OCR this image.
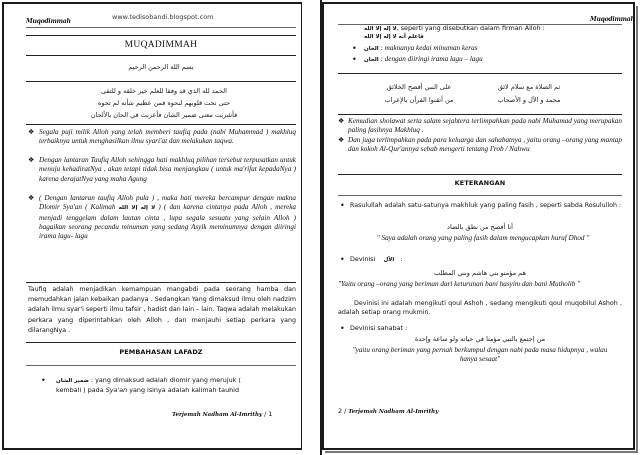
Muqodimmah
www.tedisobandi.blogspot.com
MUQADIMMAH
بسم الله الرحمن الرحيم
الحمد لله الذي قد وفقا للعلم خير خلقه و للتقى
حتى نحت قلوبهم لنحوه فمن عظيم شأنه لم تحوه
فأشربت معنى ضمير الشان فأعربت في الحان بالألحان
❖ Segala puji milik Alloh yang telah memberi taufiq pada (nabi Muhammad ) makhluq terbaiknya untuk menghasilkan ilmu syari'at dan melakukan taqwa.
❖ Dengan lantaran Taufiq Alloh sehingga hati makhluq pilihan tersebut terpusatkan untuk menuju kehadiratNya , akan tetapi tidak bisa menjangkau ( untuk ma'rifat kepadaNya ) karena derajatNya yang maha Agung
❖ ( Dengan lantaran taufiq Alloh pula ) , maka hati mereka bercampur dengan makna Dlomir Sya'an ( Kalimah لا إله إلا الله ) ( dan karena cintanya pada Alloh , mereka menjadi tenggelam dalam lautan cinta , lupa segala sesuatu yang selain Alloh ) bagaikan seorang pecandu minuman yang sedang Asyik meminumnya dengan diiringi irama lagu- lagu
Taufiq adalah menjadikan kemampuan mangabdi pada seorang hamba dan memudahkan jalan kebaikan padanya . Sedangkan Yang dimaksud ilmu oleh nadzim adalah ilmu syar'i seperti ilmu tafsir , hadist dan lain – lain. Taqwa adalah melakukan perkara yang diperintahkan oleh Alloh , dan menjauhi setiap perkara yang dilarangNya .
PEMBAHASAN LAFADZ
• ضمير الشان : yang dimaksud adalah dlomir yang merujuk (
kembali ) pada Sya'an yang isinya adalah kalimah tauhid
Terjemah Nadham Al-Imrithy / 1
Muqodimmah
لا إله إلا الله, seperti yang disebutkan dalam firman Alloh :
فاعلم أنه لا إله إلا الله
• الخان : maknanya kedai minuman keras
• الحان : dengan diiringi irama lagu – lagu
ثم الصلاة مع سلام لائق
على النبي أفصح الخلائق
محمد و الآل و الأصحاب
من أتقنوا القرآن بالإعراب
❖ Kemudian sholawat serta salam sejahtera terlimpahkan pada nabi Muhamad yang merupakan paling fasihnya Makhluq .
❖ Dan juga terlimpahkan pada para keluarga dan sahabatnya , yaitu orang –orang yang mantap dan kokoh Al-Qur'annya sebab mengerti tentang I'rob / Nahwu
KETERANGAN
• Rasulullah adalah satu-satunya makhluk yang paling fasih , seperti sabda Rosululloh :
أنا أفصح من نطق بالضاد
" Saya adalah orang yang paling fasih dalam mengucapkan huruf Dhod "
• Devinisi الآل :
هم مؤمنو بني هاشم وبني المطلب
"Yaitu orang –orang yang beriman dari keturunan bani hasyim dan bani Mutholib "
Devinisi ini adalah mengikuti qoul Ashoh , sedang mengikuti qoul muqobilul Ashoh , adalah setiap orang mukmin.
• Devinisi sahabat :
من إجتمع بالنبي مؤمنا في حياته ولو ساعة وإحدة
"yaitu orang beriman yang pernah berkumpul dengan nabi pada masa hidupnya , walau hanya sesaat"
2 / Terjemah Nadham Al-Imrithy
